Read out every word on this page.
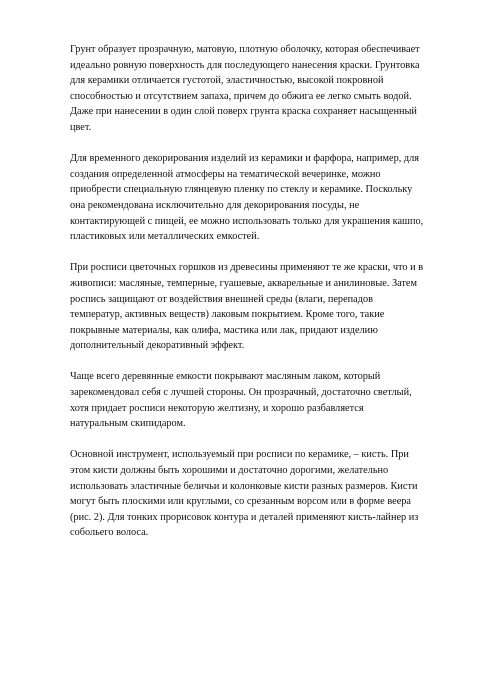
Грунт образует прозрачную, матовую, плотную оболочку, которая обеспечивает
идеально ровную поверхность для последующего нанесения краски. Грунтовка
для керамики отличается густотой, эластичностью, высокой покровной
способностью и отсутствием запаха, причем до обжига ее легко смыть водой.
Даже при нанесении в один слой поверх грунта краска сохраняет насыщенный
цвет.

Для временного декорирования изделий из керамики и фарфора, например, для
создания определенной атмосферы на тематической вечеринке, можно
приобрести специальную глянцевую пленку по стеклу и керамике. Поскольку
она рекомендована исключительно для декорирования посуды, не
контактирующей с пищей, ее можно использовать только для украшения кашпо,
пластиковых или металлических емкостей.

При росписи цветочных горшков из древесины применяют те же краски, что и в
живописи: масляные, темперные, гуашевые, акварельные и анилиновые. Затем
роспись защищают от воздействия внешней среды (влаги, перепадов
температур, активных веществ) лаковым покрытием. Кроме того, такие
покрывные материалы, как олифа, мастика или лак, придают изделию
дополнительный декоративный эффект.

Чаще всего деревянные емкости покрывают масляным лаком, который
зарекомендовал себя с лучшей стороны. Он прозрачный, достаточно светлый,
хотя придает росписи некоторую желтизну, и хорошо разбавляется
натуральным скипидаром.

Основной инструмент, используемый при росписи по керамике, – кисть. При
этом кисти должны быть хорошими и достаточно дорогими, желательно
использовать эластичные беличьи и колонковые кисти разных размеров. Кисти
могут быть плоскими или круглыми, со срезанным ворсом или в форме веера
(рис. 2). Для тонких прорисовок контура и деталей применяют кисть-лайнер из
собольего волоса.
